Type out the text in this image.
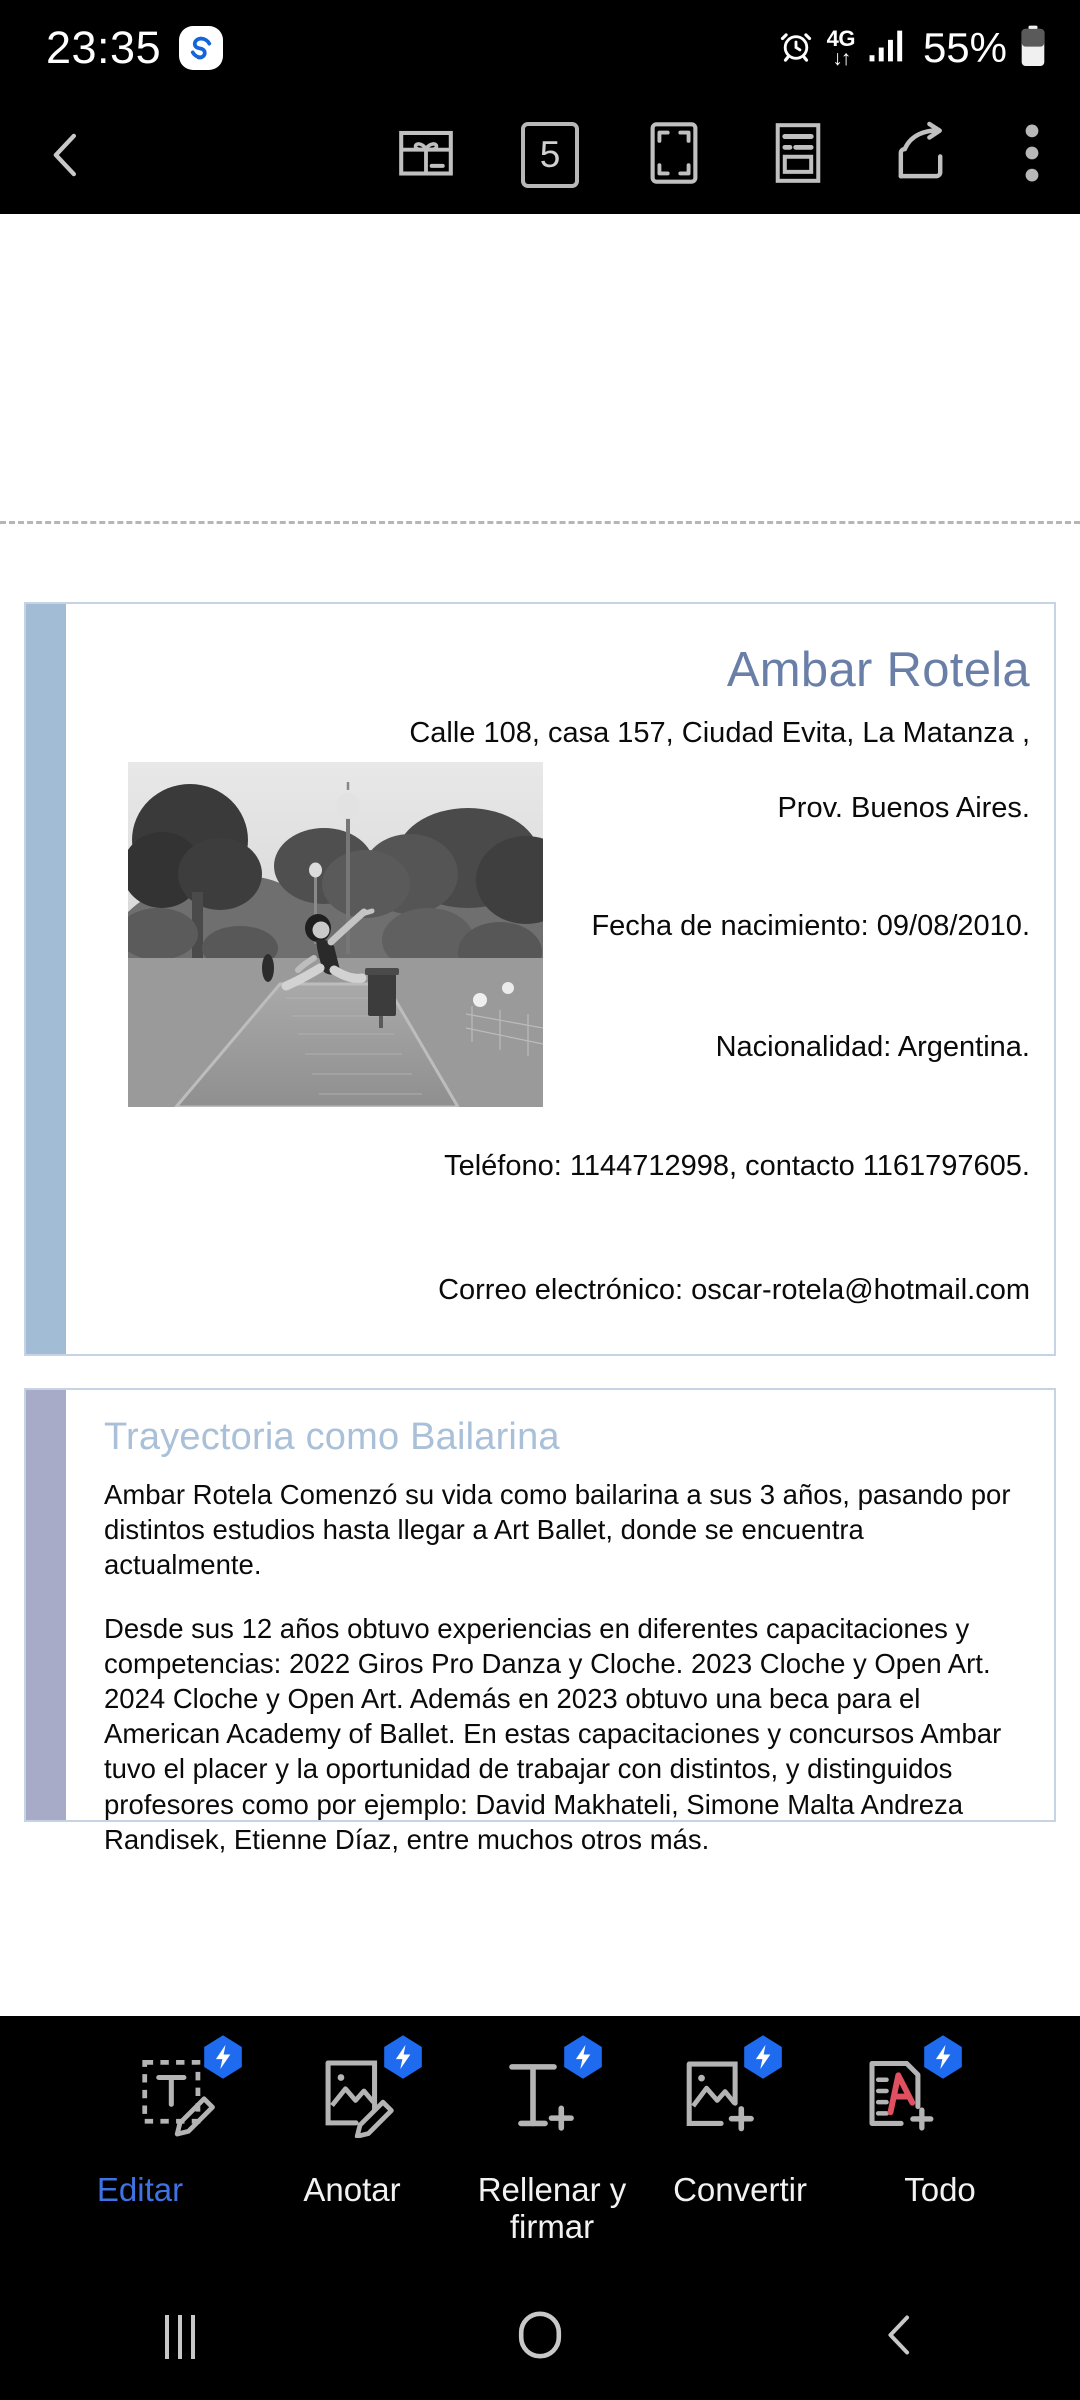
23:35	4G
↓↑ 55%
5
Ambar Rotela
Calle 108, casa 157, Ciudad Evita, La Matanza ,
Prov. Buenos Aires.
Fecha de nacimiento: 09/08/2010.
Nacionalidad: Argentina.
Teléfono: 1144712998, contacto 1161797605.
Correo electrónico: oscar-rotela@hotmail.com
Trayectoria como Bailarina

Ambar Rotela Comenzó su vida como bailarina a sus 3 años, pasando por distintos estudios hasta llegar a Art Ballet, donde se encuentra actualmente.

Desde sus 12 años obtuvo experiencias en diferentes capacitaciones y competencias: 2022 Giros Pro Danza y Cloche. 2023 Cloche y Open Art. 2024 Cloche y Open Art. Además en 2023 obtuvo una beca para el American Academy of Ballet. En estas capacitaciones y concursos Ambar tuvo el placer y la oportunidad de trabajar con distintos, y distinguidos profesores como por ejemplo: David Makhateli, Simone Malta Andreza Randisek, Etienne Díaz, entre muchos otros más.

Editar	Anotar	Rellenar y firmar
Convertir	Todo
